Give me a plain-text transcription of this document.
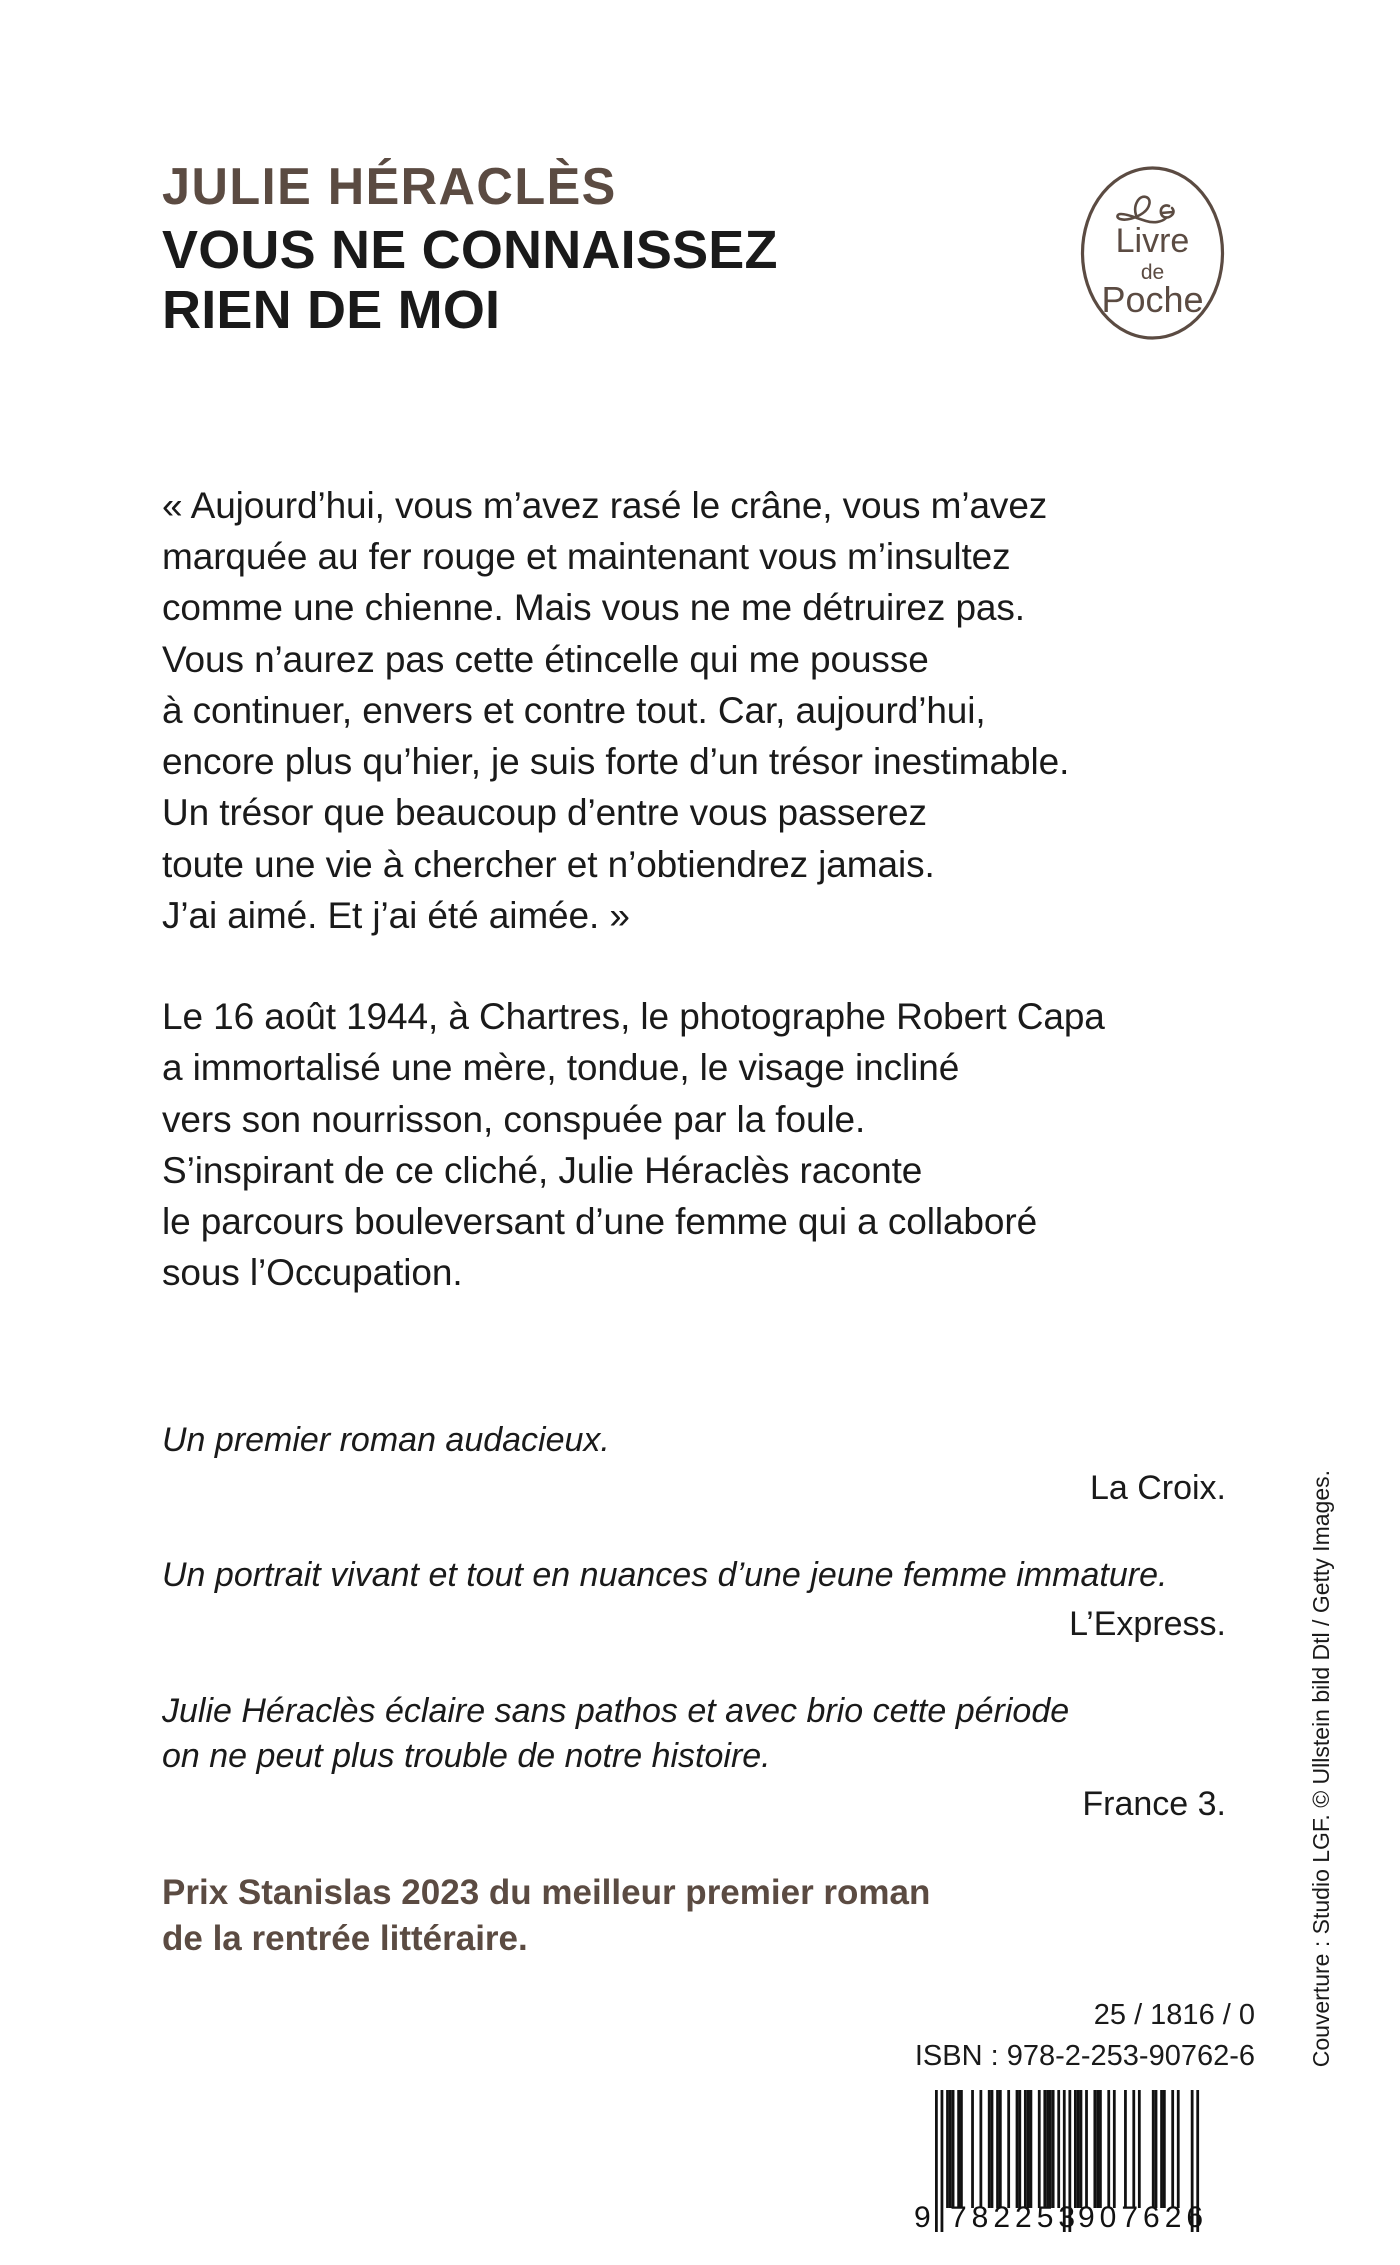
JULIE HÉRACLÈS
VOUS NE CONNAISSEZ
RIEN DE MOI
Livre
de
Poche

« Aujourd’hui, vous m’avez rasé le crâne, vous m’avez
marquée au fer rouge et maintenant vous m’insultez
comme une chienne. Mais vous ne me détruirez pas.
Vous n’aurez pas cette étincelle qui me pousse
à continuer, envers et contre tout. Car, aujourd’hui,
encore plus qu’hier, je suis forte d’un trésor inestimable.
Un trésor que beaucoup d’entre vous passerez
toute une vie à chercher et n’obtiendrez jamais.
J’ai aimé. Et j’ai été aimée. »

Le 16 août 1944, à Chartres, le photographe Robert Capa
a immortalisé une mère, tondue, le visage incliné
vers son nourrisson, conspuée par la foule.
S’inspirant de ce cliché, Julie Héraclès raconte
le parcours bouleversant d’une femme qui a collaboré
sous l’Occupation.

Un premier roman audacieux.

La Croix.

Un portrait vivant et tout en nuances d’une jeune femme immature.

L’Express.

Julie Héraclès éclaire sans pathos et avec brio cette période
on ne peut plus trouble de notre histoire.

France 3.

Prix Stanislas 2023 du meilleur premier roman
de la rentrée littéraire.
25 / 1816 / 0
ISBN : 978-2-253-90762-6
9 782253
907626
Couverture : Studio LGF. © Ullstein bild Dtl / Getty Images.
